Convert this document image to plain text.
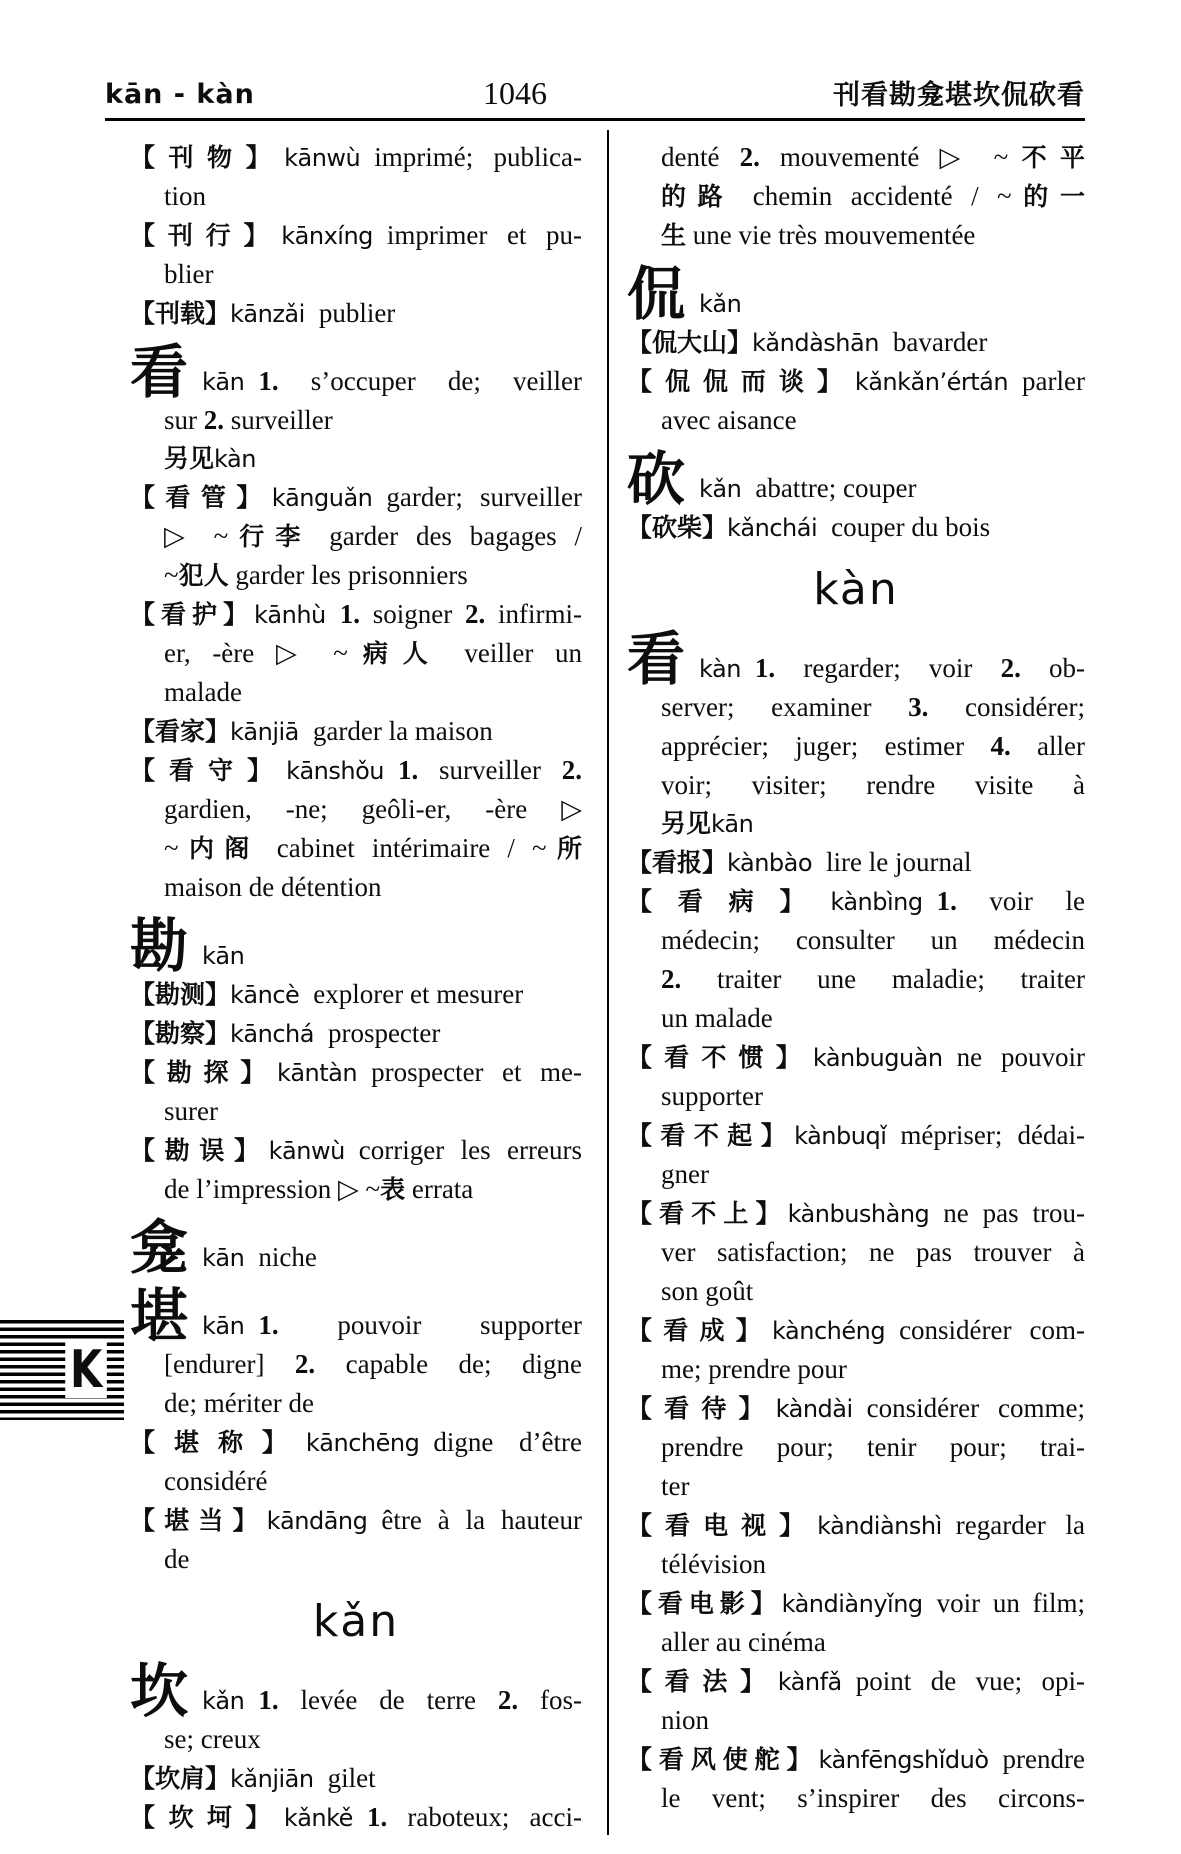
kān - kàn	1046	刊看勘龛堪坎侃砍看
【刊物】kānwù imprimé; publica-
tion
【刊行】kānxíng imprimer et pu-
blier
【刊载】kānzǎi publier
看 kān 1. s’occuper de; veiller
sur 2. surveiller
另见kàn
【看管】kānguǎn garder; surveiller
▷ ~行李 garder des bagages /
~犯人 garder les prisonniers
【看护】kānhù 1. soigner 2. infirmi-
er, -ère ▷ ~病人 veiller un
malade
【看家】kānjiā garder la maison
【看守】kānshǒu 1. surveiller 2.
gardien, -ne; geôli-er, -ère ▷
~内阁 cabinet intérimaire / ~所
maison de détention
勘 kān
【勘测】kāncè explorer et mesurer
【勘察】kānchá prospecter
【勘探】kāntàn prospecter et me-
surer
【勘误】kānwù corriger les erreurs
de l’impression ▷ ~表 errata
龛 kān niche
堪 kān 1. pouvoir supporter
[endurer] 2. capable de; digne
de; mériter de
【堪称】kānchēng digne d’être
considéré
【堪当】kāndāng être à la hauteur
de
kǎn
坎 kǎn 1. levée de terre 2. fos-
se; creux
【坎肩】kǎnjiān gilet
【坎坷】kǎnkě 1. raboteux; acci-
denté 2. mouvementé ▷ ~不平
的路 chemin accidenté / ~的一
生 une vie très mouvementée
侃 kǎn
【侃大山】kǎndàshān bavarder
【侃侃而谈】kǎnkǎn’értán parler
avec aisance
砍 kǎn abattre; couper
【砍柴】kǎnchái couper du bois
kàn
看 kàn 1. regarder; voir 2. ob-
server; examiner 3. considérer;
apprécier; juger; estimer 4. aller
voir; visiter; rendre visite à
另见kān
【看报】kànbào lire le journal
【看病】kànbìng 1. voir le
médecin; consulter un médecin
2. traiter une maladie; traiter
un malade
【看不惯】kànbuguàn ne pouvoir
supporter
【看不起】kànbuqǐ mépriser; dédai-
gner
【看不上】kànbushàng ne pas trou-
ver satisfaction; ne pas trouver à
son goût
【看成】kànchéng considérer com-
me; prendre pour
【看待】kàndài considérer comme;
prendre pour; tenir pour; trai-
ter
【看电视】kàndiànshì regarder la
télévision
【看电影】kàndiànyǐng voir un film;
aller au cinéma
【看法】kànfǎ point de vue; opi-
nion
【看风使舵】kànfēngshǐduò prendre
le vent; s’inspirer des circons-
K
